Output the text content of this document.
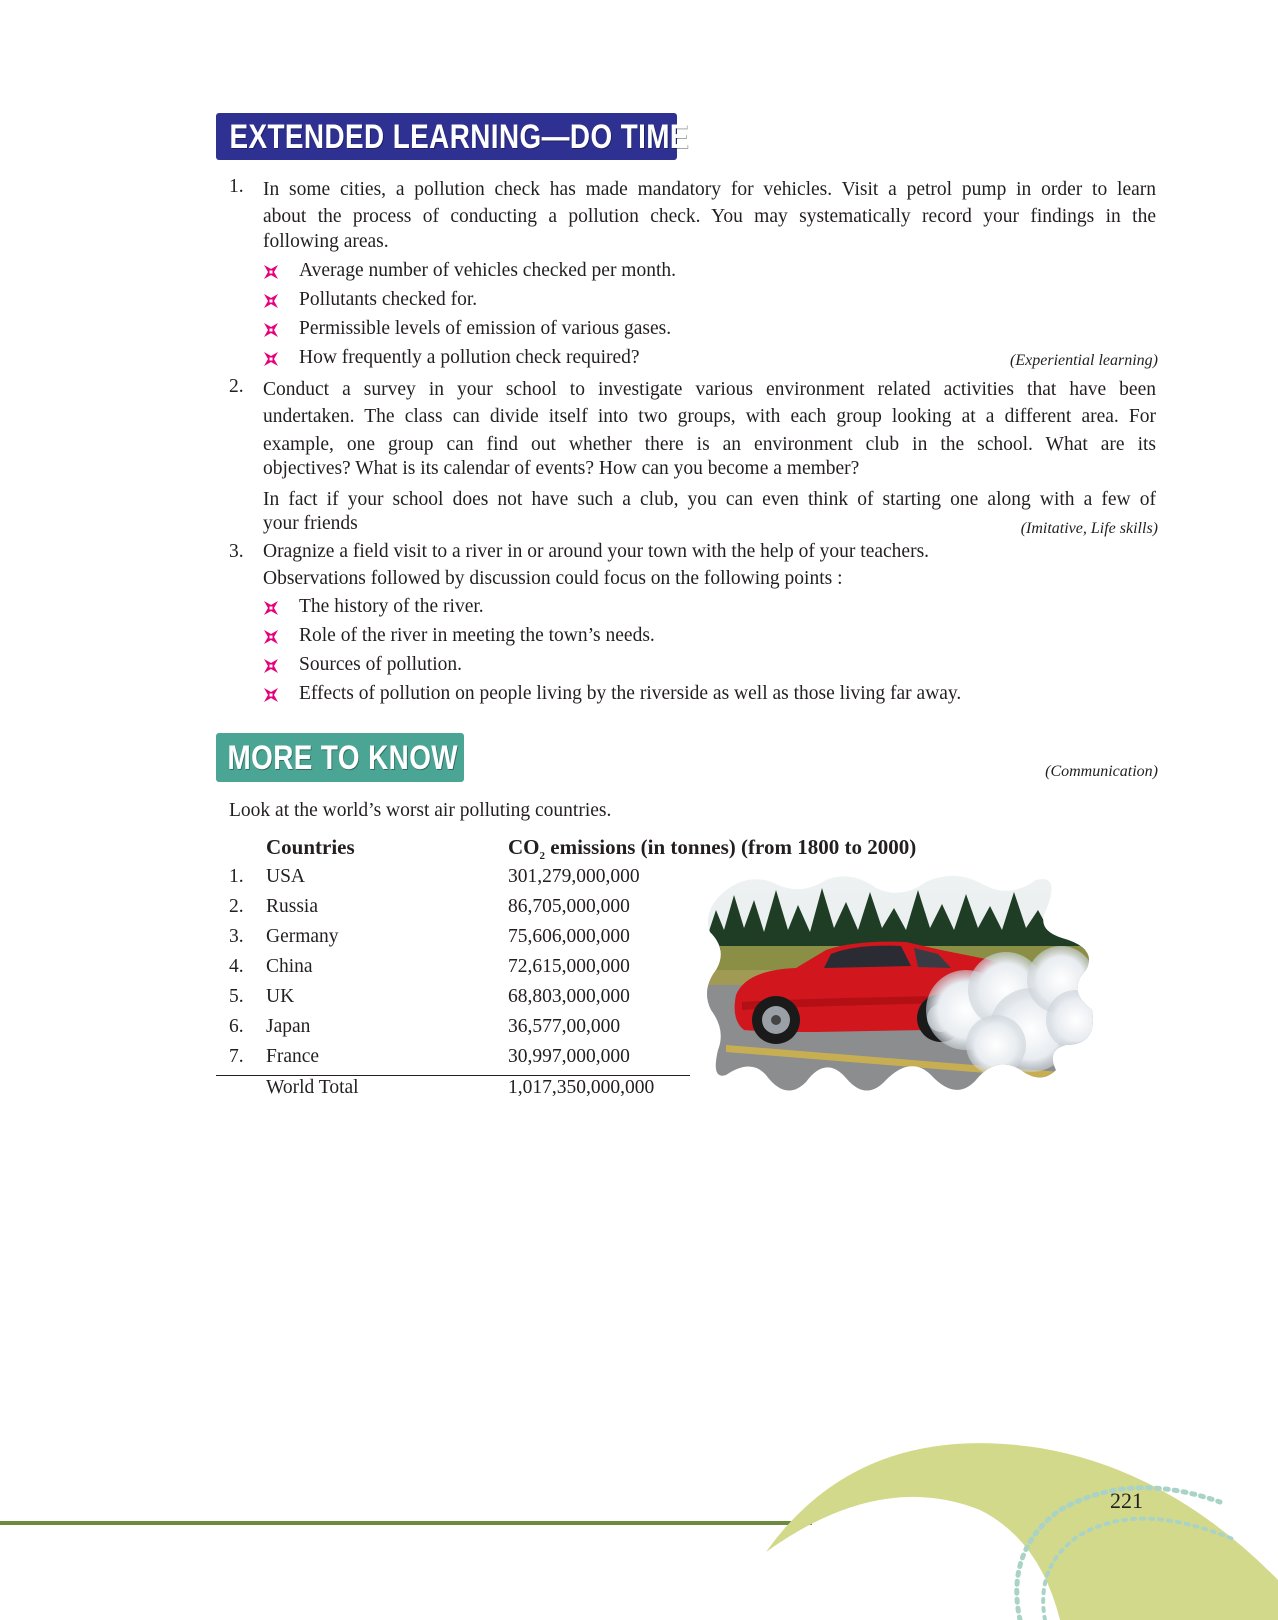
EXTENDED LEARNING—DO TIME
1. In some cities, a pollution check has made mandatory for vehicles. Visit a petrol pump in order to learn
about the process of conducting a pollution check. You may systematically record your findings in the
following areas.
Average number of vehicles checked per month.
Pollutants checked for.
Permissible levels of emission of various gases.
How frequently a pollution check required?	(Experiential learning)
2. Conduct a survey in your school to investigate various environment related activities that have been
undertaken. The class can divide itself into two groups, with each group looking at a different area. For
example, one group can find out whether there is an environment club in the school. What are its
objectives? What is its calendar of events? How can you become a member?
In fact if your school does not have such a club, you can even think of starting one along with a few of
your friends	(Imitative, Life skills)
3. Oragnize a field visit to a river in or around your town with the help of your teachers.
Observations followed by discussion could focus on the following points :
The history of the river.
Role of the river in meeting the town’s needs.
Sources of pollution.
Effects of pollution on people living by the riverside as well as those living far away.
MORE TO KNOW	(Communication)
Look at the world’s worst air polluting countries.
Countries	$CO_2$ emissions (in tonnes) (from 1800 to 2000)
1. USA	301,279,000,000
2. Russia	86,705,000,000
3. Germany	75,606,000,000
4. China	72,615,000,000
5. UK	68,803,000,000
6. Japan	36,577,00,000
7. France	30,997,000,000
World Total	1,017,350,000,000
221
